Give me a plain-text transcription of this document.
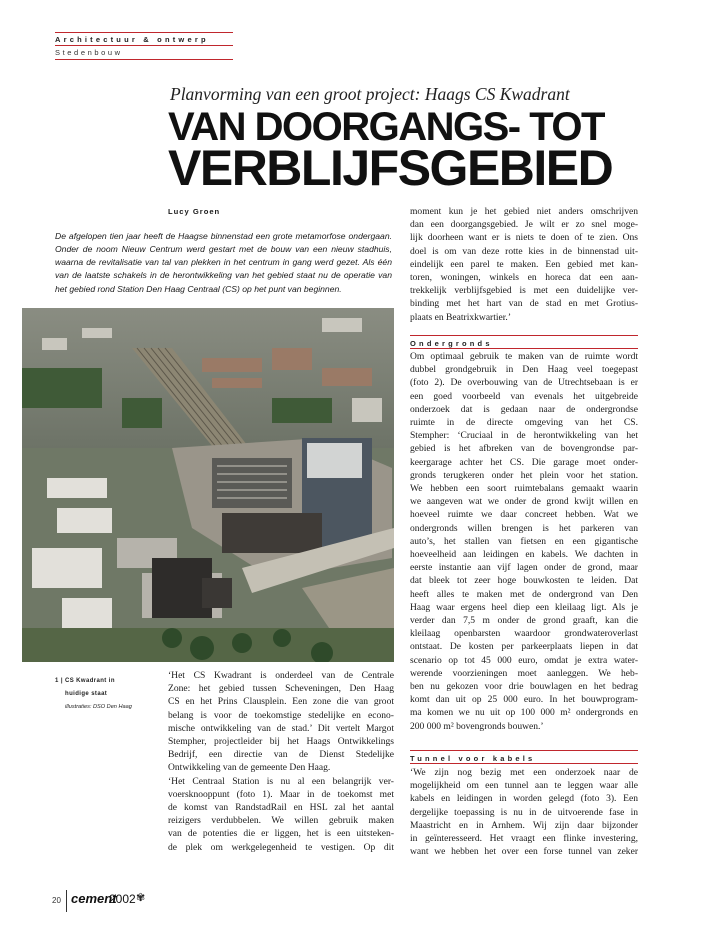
Architectuur & ontwerp
Stedenbouw
Planvorming van een groot project: Haags CS Kwadrant
VAN DOORGANGS- TOT
VERBLIJFSGEBIED
Lucy Groen

De afgelopen tien jaar heeft de Haagse binnenstad een grote metamorfose ondergaan. Onder de noom Nieuw Centrum werd gestart met de bouw van een nieuw stadhuis, waarna de revitalisatie van tal van plekken in het centrum in gang werd gezet. Als één van de laatste schakels in de herontwikkeling van het gebied staat nu de operatie van het gebied rond Station Den Haag Centraal (CS) op het punt van beginnen.

1 | CS Kwadrant in
huidige staat
illustraties: DSO Den Haag

‘Het CS Kwadrant is onderdeel van de Centrale

Zone: het gebied tussen Scheveningen, Den Haag

CS en het Prins Clausplein. Een zone die van groot

belang is voor de toekomstige stedelijke en econo-

mische ontwikkeling van de stad.’ Dit vertelt Margot

Stempher, projectleider bij het Haags Ontwikkelings

Bedrijf, een directie van de Dienst Stedelijke

Ontwikkeling van de gemeente Den Haag.

‘Het Centraal Station is nu al een belangrijk ver-

voersknooppunt (foto 1). Maar in de toekomst met

de komst van RandstadRail en HSL zal het aantal

reizigers verdubbelen. We willen gebruik maken

van de potenties die er liggen, het is een uitsteken-

de plek om werkgelegenheid te vestigen. Op dit

moment kun je het gebied niet anders omschrijven

dan een doorgangsgebied. Je wilt er zo snel moge-

lijk doorheen want er is niets te doen of te zien. Ons

doel is om van deze rotte kies in de binnenstad uit-

eindelijk een parel te maken. Een gebied met kan-

toren, woningen, winkels en horeca dat een aan-

trekkelijk verblijfsgebied is met een duidelijke ver-

binding met het hart van de stad en met Grotius-

plaats en Beatrixkwartier.’

Ondergronds

Om optimaal gebruik te maken van de ruimte wordt

dubbel grondgebruik in Den Haag veel toegepast

(foto 2). De overbouwing van de Utrechtsebaan is er

een goed voorbeeld van evenals het uitgebreide

onderzoek dat is gedaan naar de ondergrondse

ruimte in de directe omgeving van het CS.

Stempher: ‘Cruciaal in de herontwikkeling van het

gebied is het afbreken van de bovengrondse par-

keergarage achter het CS. Die garage moet onder-

gronds terugkeren onder het plein voor het station.

We hebben een soort ruimtebalans gemaakt waarin

we aangeven wat we onder de grond kwijt willen en

hoeveel ruimte we daar concreet hebben. Wat we

ondergronds willen brengen is het parkeren van

auto’s, het stallen van fietsen en een gigantische

hoeveelheid aan leidingen en kabels. We dachten in

eerste instantie aan vijf lagen onder de grond, maar

dat bleek tot zeer hoge bouwkosten te leiden. Dat

heeft alles te maken met de ondergrond van Den

Haag waar ergens heel diep een kleilaag ligt. Als je

verder dan 7,5 m onder de grond graaft, kan die

kleilaag openbarsten waardoor grondwateroverlast

ontstaat. De kosten per parkeerplaats liepen in dat

scenario op tot 45 000 euro, omdat je extra water-

werende voorzieningen moet aanleggen. We heb-

ben nu gekozen voor drie bouwlagen en het bedrag

komt dan uit op 25 000 euro. In het bouwprogram-

ma komen we nu uit op 100 000 m² ondergronds en

200 000 m² bovengronds bouwen.’

Tunnel voor kabels

‘We zijn nog bezig met een onderzoek naar de

mogelijkheid om een tunnel aan te leggen waar alle

kabels en leidingen in worden gelegd (foto 3). Een

dergelijke toepassing is nu in de uitvoerende fase in

Maastricht en in Arnhem. Wij zijn daar bijzonder

in geïnteresseerd. Het vraagt een flinke investering,

want we hebben het over een forse tunnel van zeker

20 cement
2002 ✾
